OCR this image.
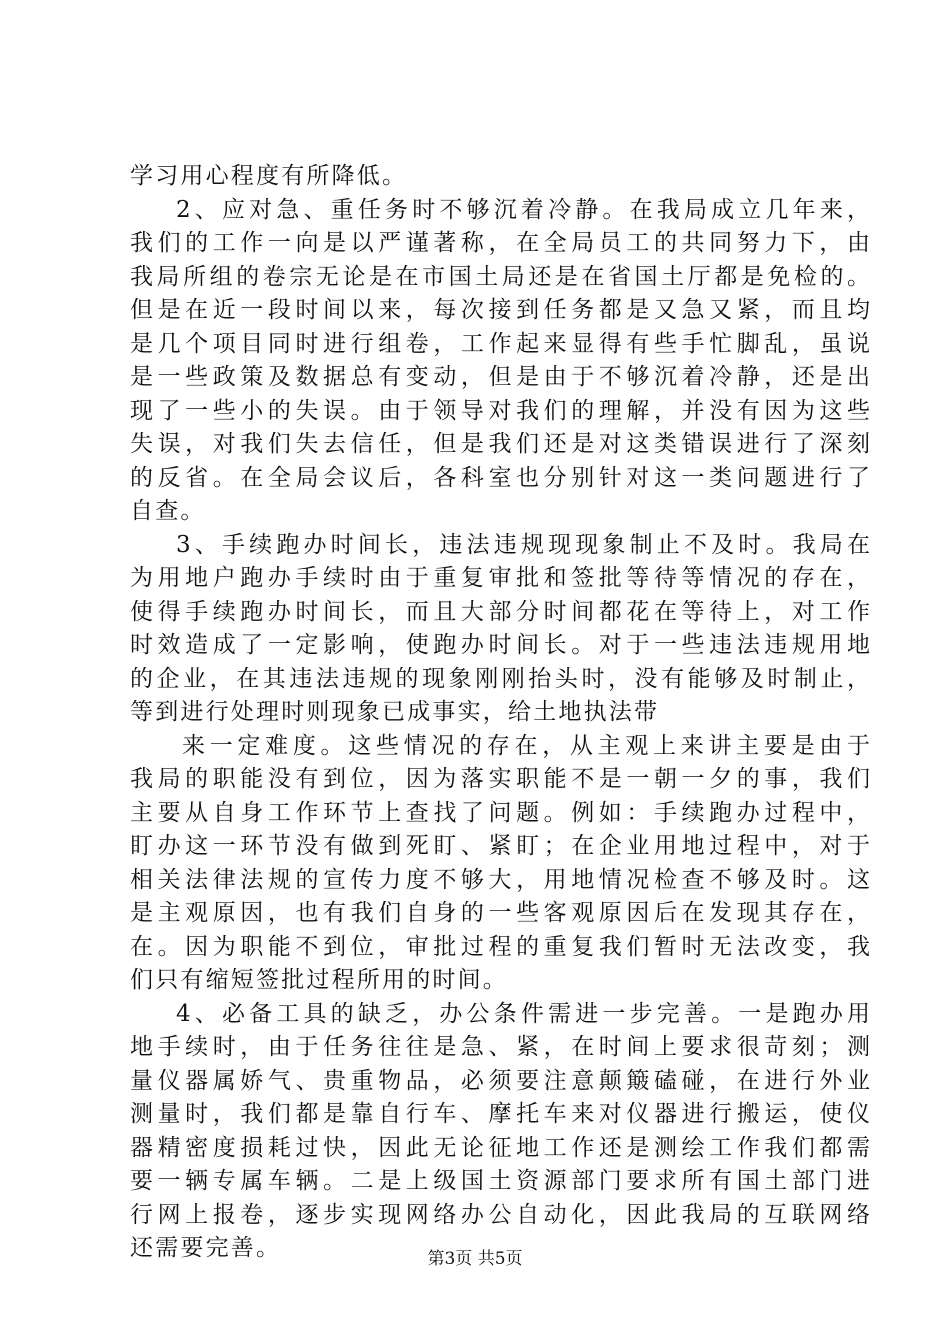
学习用心程度有所降低。
2、应对急、重任务时不够沉着冷静。在我局成立几年来，
我们的工作一向是以严谨著称，在全局员工的共同努力下，由
我局所组的卷宗无论是在市国土局还是在省国土厅都是免检的。
但是在近一段时间以来，每次接到任务都是又急又紧，而且均
是几个项目同时进行组卷，工作起来显得有些手忙脚乱，虽说
是一些政策及数据总有变动，但是由于不够沉着冷静，还是出
现了一些小的失误。由于领导对我们的理解，并没有因为这些
失误，对我们失去信任，但是我们还是对这类错误进行了深刻
的反省。在全局会议后，各科室也分别针对这一类问题进行了
自查。
3、手续跑办时间长，违法违规现现象制止不及时。我局在
为用地户跑办手续时由于重复审批和签批等待等情况的存在，
使得手续跑办时间长，而且大部分时间都花在等待上，对工作
时效造成了一定影响，使跑办时间长。对于一些违法违规用地
的企业，在其违法违规的现象刚刚抬头时，没有能够及时制止，
等到进行处理时则现象已成事实，给土地执法带
来一定难度。这些情况的存在，从主观上来讲主要是由于
我局的职能没有到位，因为落实职能不是一朝一夕的事，我们
主要从自身工作环节上查找了问题。例如：手续跑办过程中，
盯办这一环节没有做到死盯、紧盯；在企业用地过程中，对于
相关法律法规的宣传力度不够大，用地情况检查不够及时。这
是主观原因，也有我们自身的一些客观原因后在发现其存在，
在。因为职能不到位，审批过程的重复我们暂时无法改变，我
们只有缩短签批过程所用的时间。
4、必备工具的缺乏，办公条件需进一步完善。一是跑办用
地手续时，由于任务往往是急、紧，在时间上要求很苛刻；测
量仪器属娇气、贵重物品，必须要注意颠簸磕碰，在进行外业
测量时，我们都是靠自行车、摩托车来对仪器进行搬运，使仪
器精密度损耗过快，因此无论征地工作还是测绘工作我们都需
要一辆专属车辆。二是上级国土资源部门要求所有国土部门进
行网上报卷，逐步实现网络办公自动化，因此我局的互联网络
还需要完善。	第3页 共5页
